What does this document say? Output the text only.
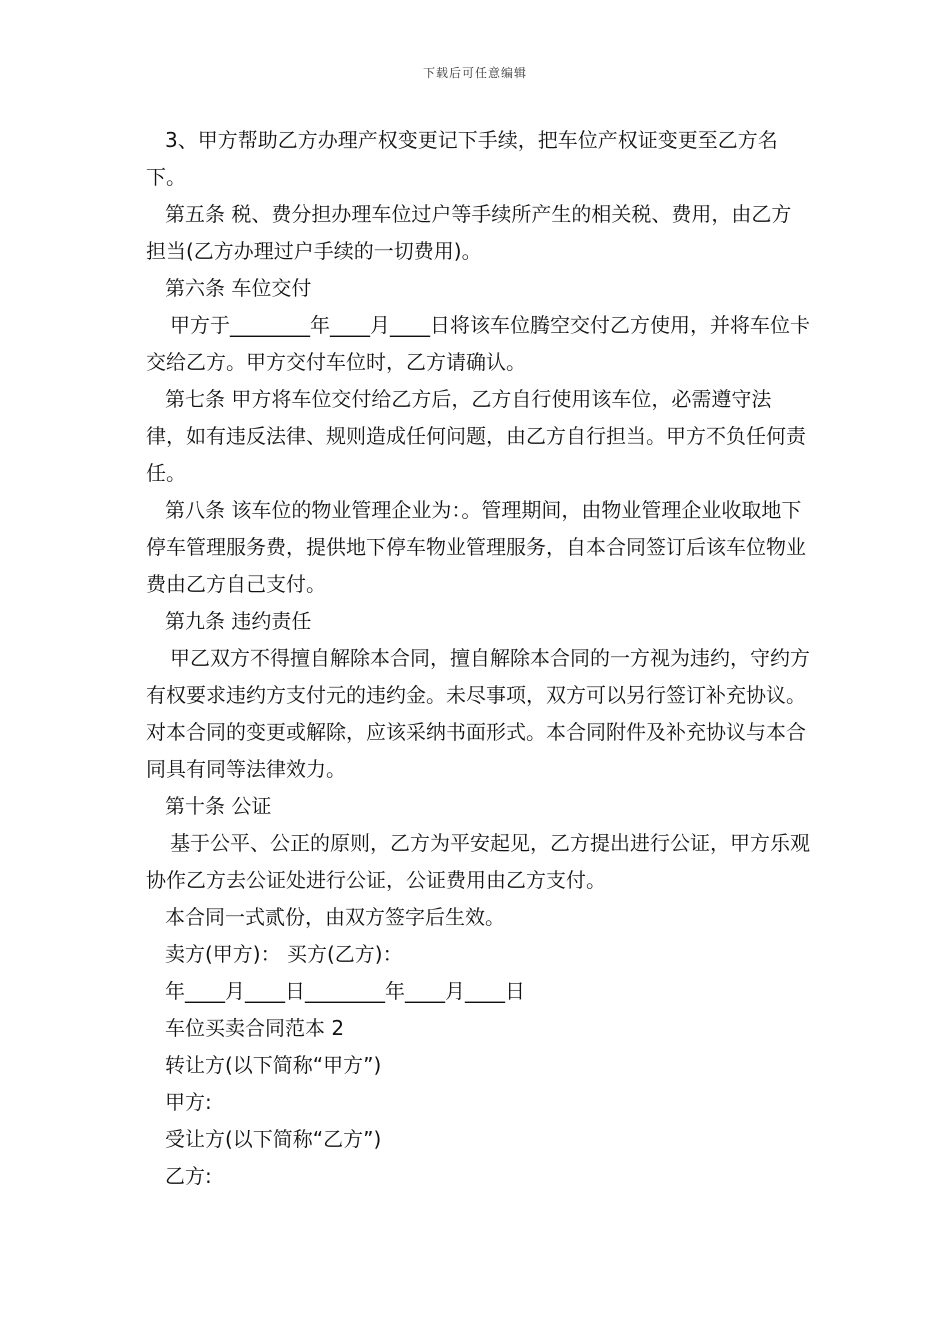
下载后可任意编辑

3、甲方帮助乙方办理产权变更记下手续，把车位产权证变更至乙方名下。

第五条 税、费分担办理车位过户等手续所产生的相关税、费用，由乙方担当(乙方办理过户手续的一切费用)。

第六条 车位交付

甲方于________年____月____日将该车位腾空交付乙方使用，并将车位卡交给乙方。甲方交付车位时，乙方请确认。

第七条 甲方将车位交付给乙方后，乙方自行使用该车位，必需遵守法律，如有违反法律、规则造成任何问题，由乙方自行担当。甲方不负任何责任。

第八条 该车位的物业管理企业为：。管理期间，由物业管理企业收取地下停车管理服务费，提供地下停车物业管理服务，自本合同签订后该车位物业费由乙方自己支付。

第九条 违约责任

甲乙双方不得擅自解除本合同，擅自解除本合同的一方视为违约，守约方有权要求违约方支付元的违约金。未尽事项，双方可以另行签订补充协议。对本合同的变更或解除，应该采纳书面形式。本合同附件及补充协议与本合同具有同等法律效力。

第十条 公证

基于公平、公正的原则，乙方为平安起见，乙方提出进行公证，甲方乐观协作乙方去公证处进行公证，公证费用由乙方支付。

本合同一式贰份，由双方签字后生效。

卖方(甲方)： 买方(乙方)：

年____月____日________年____月____日

车位买卖合同范本 2

转让方(以下简称“甲方”)

甲方:

受让方(以下简称“乙方”)

乙方:
